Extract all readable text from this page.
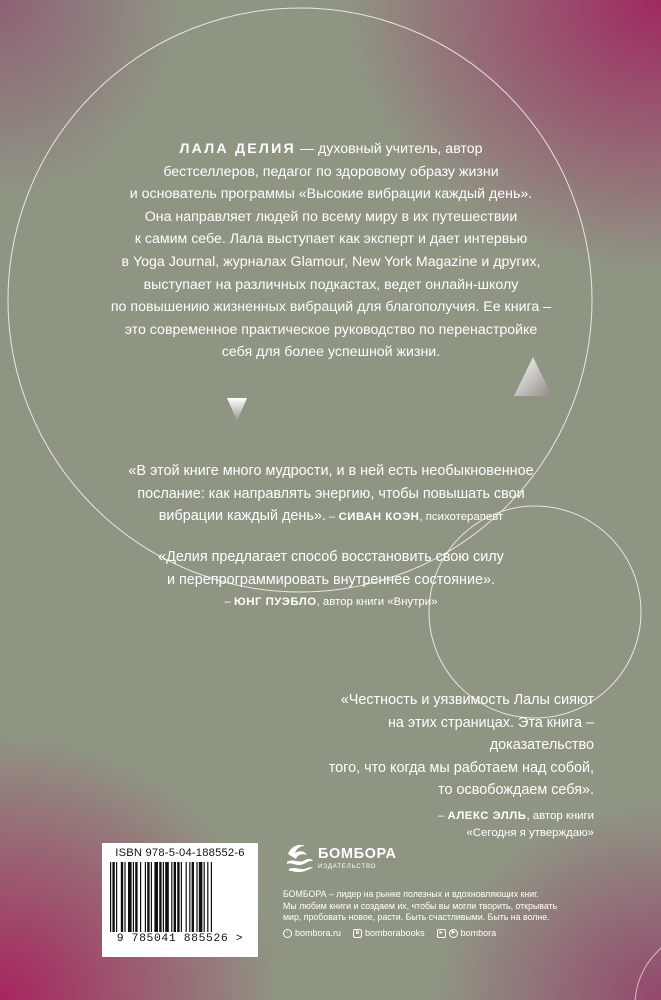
ЛАЛА ДЕЛИЯ — духовный учитель, автор
бестселлеров, педагог по здоровому образу жизни
и основатель программы «Высокие вибрации каждый день».
Она направляет людей по всему миру в их путешествии
к самим себе. Лала выступает как эксперт и дает интервью
в Yoga Journal, журналах Glamour, New York Magazine и других,
выступает на различных подкастах, ведет онлайн-школу
по повышению жизненных вибраций для благополучия. Ее книга –
это современное практическое руководство по перенастройке
себя для более успешной жизни.
«В этой книге много мудрости, и в ней есть необыкновенное
послание: как направлять энергию, чтобы повышать свои
вибрации каждый день». – СИВАН КОЭН, психотерапевт
«Делия предлагает способ восстановить свою силу
и перепрограммировать внутреннее состояние».
– ЮНГ ПУЭБЛО, автор книги «Внутри»
«Честность и уязвимость Лалы сияют
на этих страницах. Эта книга – доказательство
того, что когда мы работаем над собой,
то освобождаем себя».
– АЛЕКС ЭЛЛЬ, автор книги
«Сегодня я утверждаю»
ISBN 978-5-04-188552-6
9 785041 885526 >
БОМБОРА
ИЗДАТЕЛЬСТВО
БОМБОРА – лидер на рынке полезных и вдохновляющих книг.
Мы любим книги и создаем их, чтобы вы могли творить, открывать
мир, пробовать новое, расти. Быть счастливыми. Быть на волне.
· bombora.ru	в bomborabooks	▸	➤ bombora
